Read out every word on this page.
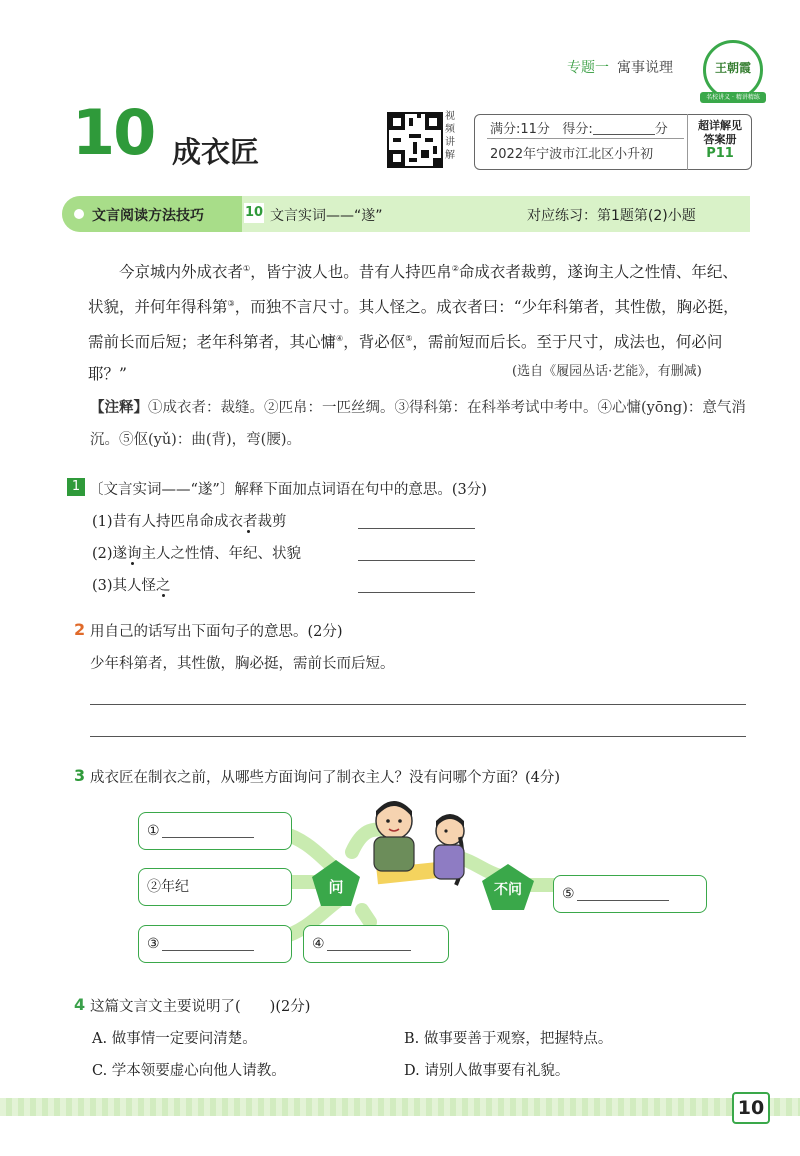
专题一 寓事说理	王朝霞
名校讲义 · 精讲精练
10 成衣匠
视频讲解
满分:11分 得分:	分
2022年宁波市江北区小升初
超详解见
答案册
P11
文言阅读方法技巧	10 文言实词——“遂”	对应练习：第1题第(2)小题
今京城内外成衣者①，皆宁波人也。昔有人持匹帛②命成衣者裁剪，遂询主人之性情、年纪、状貌，并何年得科第③，而独不言尺寸。其人怪之。成衣者曰：“少年科第者，其性傲，胸必挺，需前长而后短；老年科第者，其心慵④，背必伛⑤，需前短而后长。至于尺寸，成法也，何必问耶？”	(选自《履园丛话·艺能》，有删减)
【注释】①成衣者：裁缝。②匹帛：一匹丝绸。③得科第：在科举考试中考中。④心慵(yōng)：意气消沉。⑤伛(yǔ)：曲(背)，弯(腰)。
1 〔文言实词——“遂”〕解释下面加点词语在句中的意思。(3分)
(1)昔有人持匹帛命成衣者裁剪
(2)遂询主人之性情、年纪、状貌
(3)其人怪之
2 用自己的话写出下面句子的意思。(2分)
少年科第者，其性傲，胸必挺，需前长而后短。
3 成衣匠在制衣之前，从哪些方面询问了制衣主人？没有问哪个方面？(4分)
①
②年纪
③	④
⑤
问	不问
4 这篇文言文主要说明了(　　)(2分)
A. 做事情一定要问清楚。	B. 做事要善于观察，把握特点。
C. 学本领要虚心向他人请教。	D. 请别人做事要有礼貌。
10
